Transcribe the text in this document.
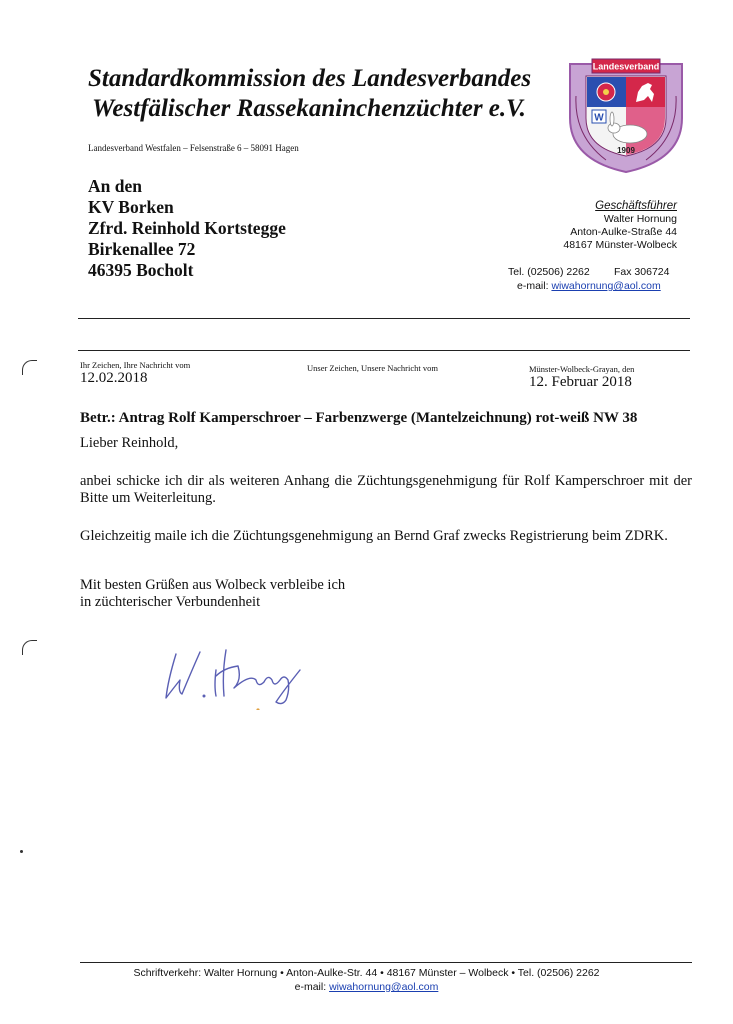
Standardkommission des Landesverbandes
Westfälischer Rassekaninchenzüchter e.V.
Landesverband Westfalen – Felsenstraße 6 – 58091 Hagen
Landesverband
W
1909
An den
KV Borken
Zfrd. Reinhold Kortstegge
Birkenallee 72
46395 Bocholt
Geschäftsführer
Walter Hornung
Anton-Aulke-Straße 44
48167 Münster-Wolbeck
Tel. (02506) 2262 Fax 306724
e-mail: wiwahornung@aol.com
Ihr Zeichen, Ihre Nachricht vom
12.02.2018
Unser Zeichen, Unsere Nachricht vom	Münster-Wolbeck-Grayan, den
12. Februar 2018
Betr.: Antrag Rolf Kamperschroer – Farbenzwerge (Mantelzeichnung) rot-weiß NW 38
Lieber Reinhold,
anbei schicke ich dir als weiteren Anhang die Züchtungsgenehmigung für Rolf Kamperschroer mit der Bitte um Weiterleitung.
Gleichzeitig maile ich die Züchtungsgenehmigung an Bernd Graf zwecks Registrierung beim ZDRK.
Mit besten Grüßen aus Wolbeck verbleibe ich
in züchterischer Verbundenheit
Schriftverkehr: Walter Hornung • Anton-Aulke-Str. 44 • 48167 Münster – Wolbeck • Tel. (02506) 2262
e-mail: wiwahornung@aol.com
